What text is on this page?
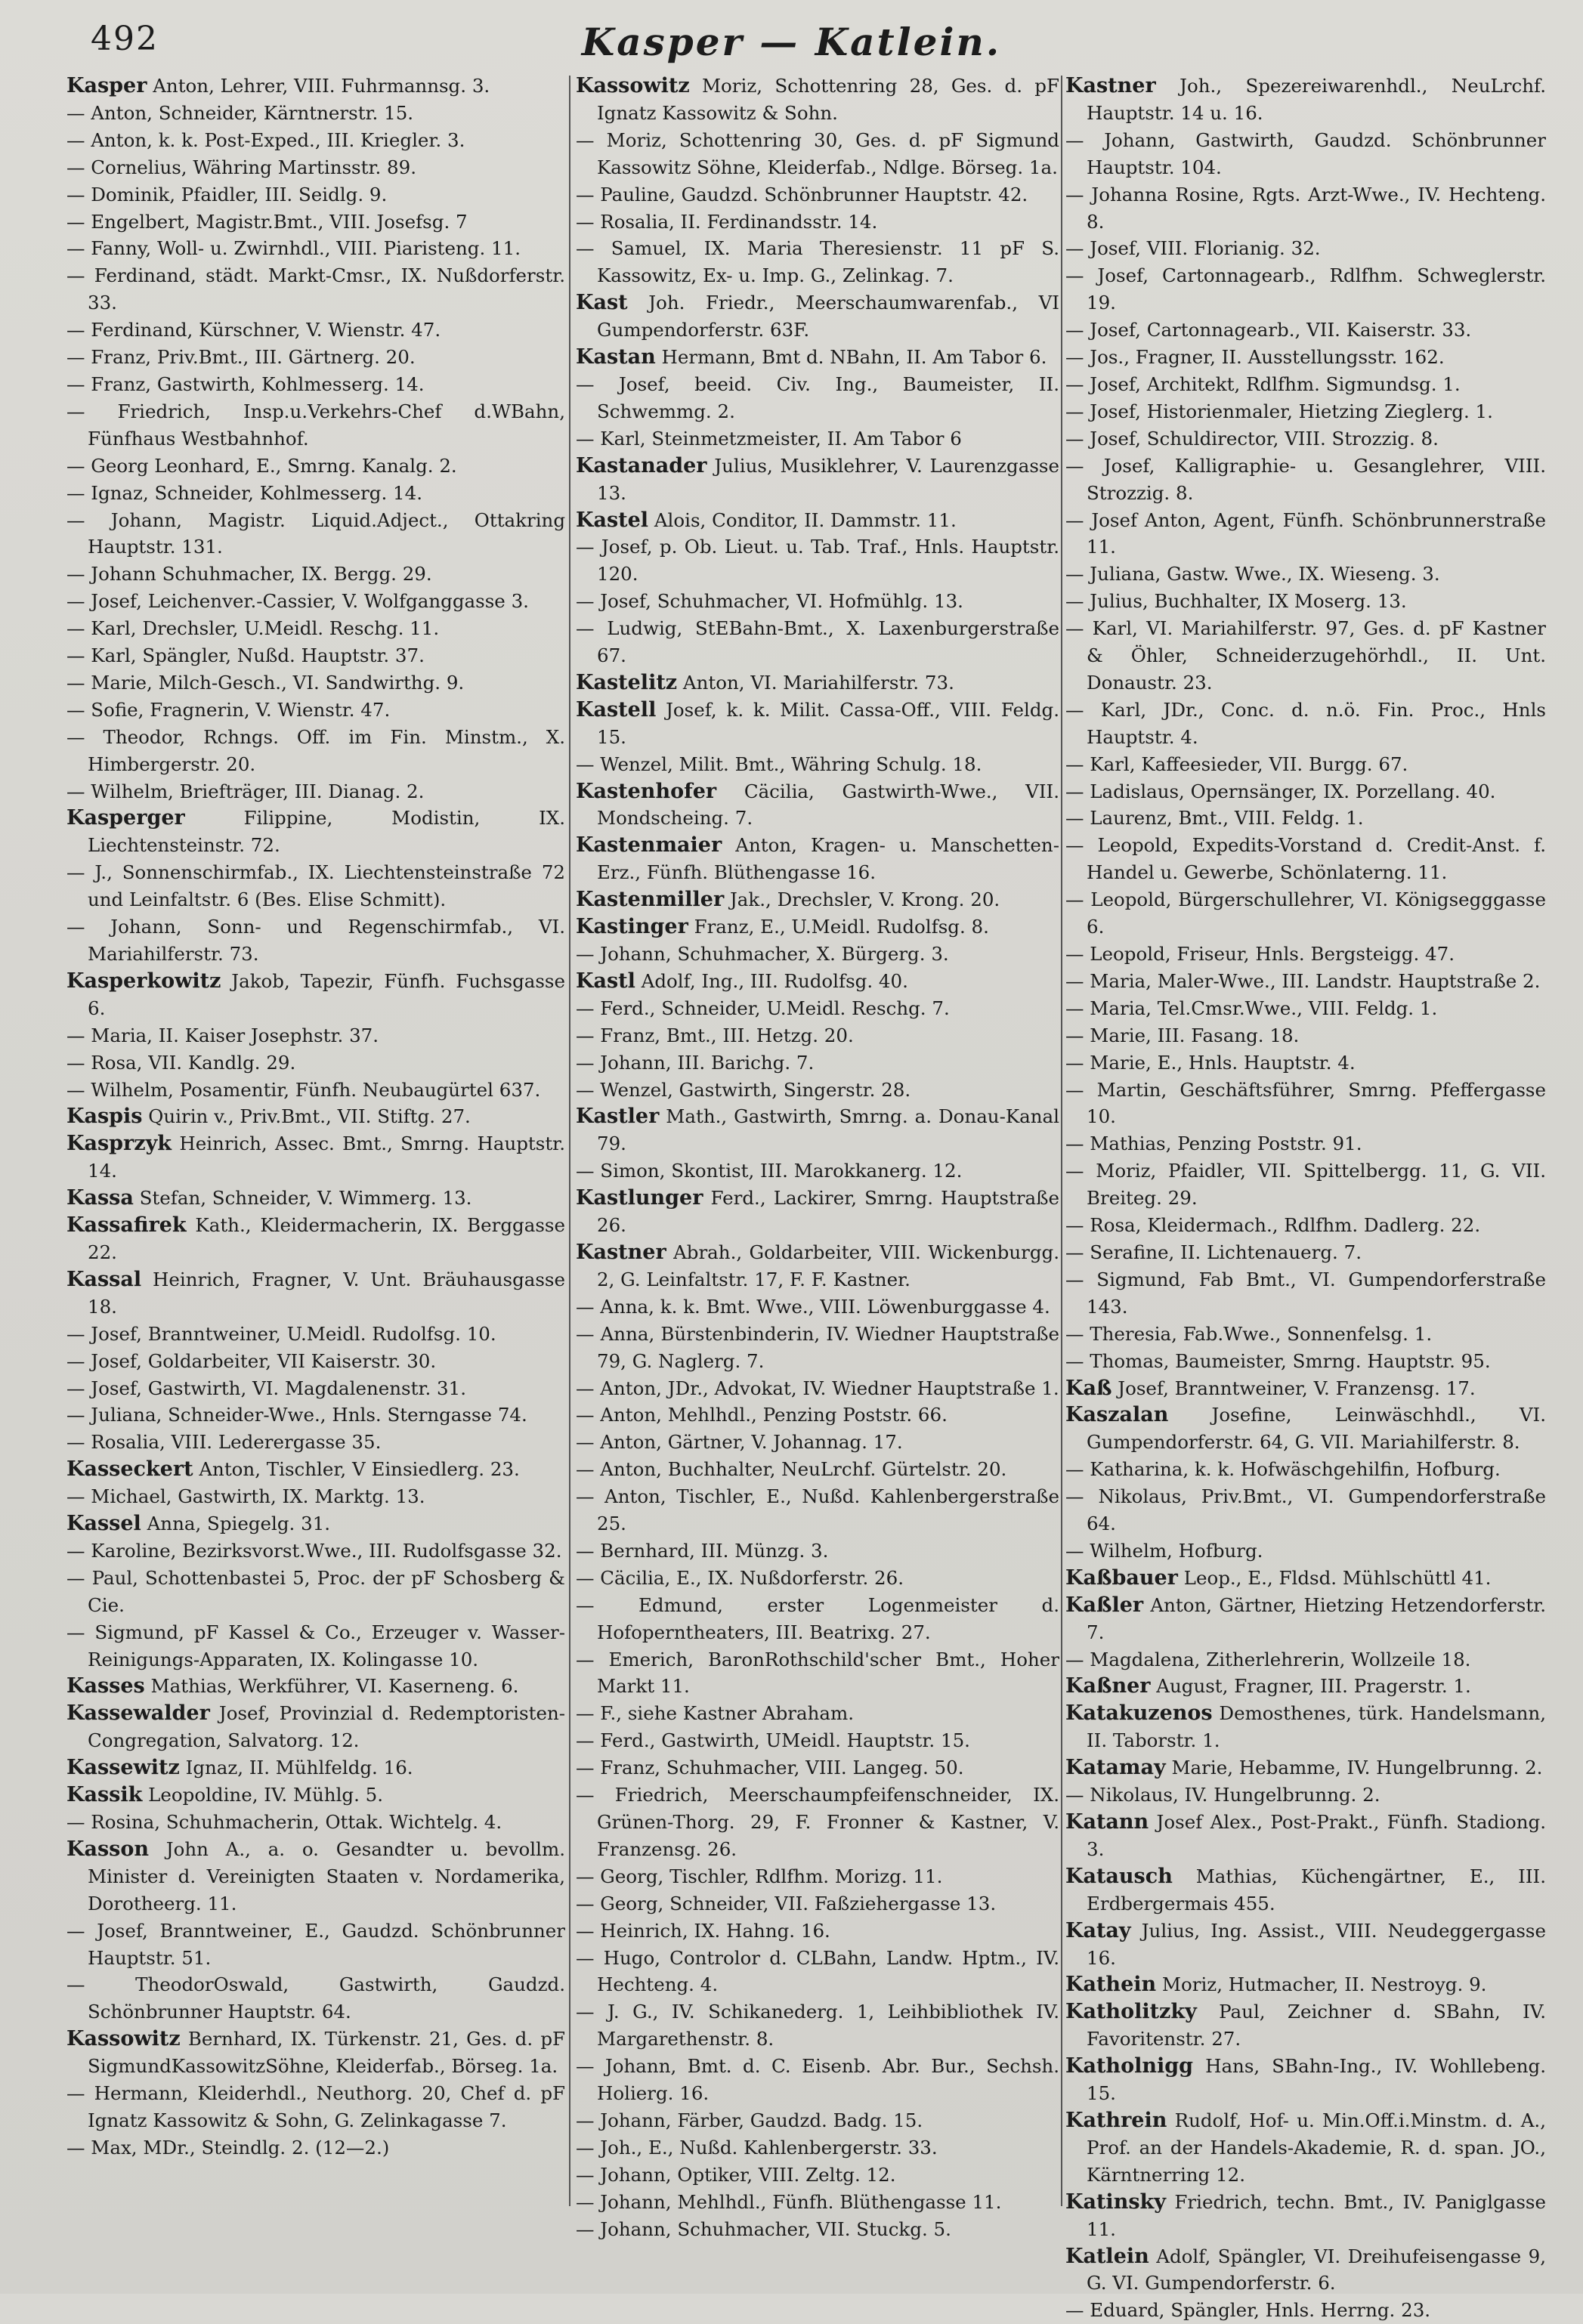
492	Kasper — Katlein.
Kasper Anton, Lehrer, VIII. Fuhrmannsg. 3.
— Anton, Schneider, Kärntnerstr. 15.
— Anton, k. k. Post-Exped., III. Kriegler. 3.
— Cornelius, Währing Martinsstr. 89.
— Dominik, Pfaidler, III. Seidlg. 9.
— Engelbert, Magistr.Bmt., VIII. Josefsg. 7
— Fanny, Woll- u. Zwirnhdl., VIII. Piaristeng. 11.
— Ferdinand, städt. Markt-Cmsr., IX. Nußdorferstr. 33.
— Ferdinand, Kürschner, V. Wienstr. 47.
— Franz, Priv.Bmt., III. Gärtnerg. 20.
— Franz, Gastwirth, Kohlmesserg. 14.
— Friedrich, Insp.u.Verkehrs-Chef d.WBahn, Fünfhaus Westbahnhof.
— Georg Leonhard, E., Smrng. Kanalg. 2.
— Ignaz, Schneider, Kohlmesserg. 14.
— Johann, Magistr. Liquid.Adject., Ottakring Hauptstr. 131.
— Johann Schuhmacher, IX. Bergg. 29.
— Josef, Leichenver.-Cassier, V. Wolfganggasse 3.
— Karl, Drechsler, U.Meidl. Reschg. 11.
— Karl, Spängler, Nußd. Hauptstr. 37.
— Marie, Milch-Gesch., VI. Sandwirthg. 9.
— Sofie, Fragnerin, V. Wienstr. 47.
— Theodor, Rchngs. Off. im Fin. Minstm., X. Himbergerstr. 20.
— Wilhelm, Briefträger, III. Dianag. 2.
Kasperger Filippine, Modistin, IX. Liechtensteinstr. 72.
— J., Sonnenschirmfab., IX. Liechtensteinstraße 72 und Leinfaltstr. 6 (Bes. Elise Schmitt).
— Johann, Sonn- und Regenschirmfab., VI. Mariahilferstr. 73.
Kasperkowitz Jakob, Tapezir, Fünfh. Fuchsgasse 6.
— Maria, II. Kaiser Josephstr. 37.
— Rosa, VII. Kandlg. 29.
— Wilhelm, Posamentir, Fünfh. Neubaugürtel 637.
Kaspis Quirin v., Priv.Bmt., VII. Stiftg. 27.
Kasprzyk Heinrich, Assec. Bmt., Smrng. Hauptstr. 14.
Kassa Stefan, Schneider, V. Wimmerg. 13.
Kassafirek Kath., Kleidermacherin, IX. Berggasse 22.
Kassal Heinrich, Fragner, V. Unt. Bräuhausgasse 18.
— Josef, Branntweiner, U.Meidl. Rudolfsg. 10.
— Josef, Goldarbeiter, VII Kaiserstr. 30.
— Josef, Gastwirth, VI. Magdalenenstr. 31.
— Juliana, Schneider-Wwe., Hnls. Sterngasse 74.
— Rosalia, VIII. Lederergasse 35.
Kasseckert Anton, Tischler, V Einsiedlerg. 23.
— Michael, Gastwirth, IX. Marktg. 13.
Kassel Anna, Spiegelg. 31.
— Karoline, Bezirksvorst.Wwe., III. Rudolfsgasse 32.
— Paul, Schottenbastei 5, Proc. der pF Schosberg & Cie.
— Sigmund, pF Kassel & Co., Erzeuger v. Wasser-Reinigungs-Apparaten, IX. Kolingasse 10.
Kasses Mathias, Werkführer, VI. Kaserneng. 6.
Kassewalder Josef, Provinzial d. Redemptoristen-Congregation, Salvatorg. 12.
Kassewitz Ignaz, II. Mühlfeldg. 16.
Kassik Leopoldine, IV. Mühlg. 5.
— Rosina, Schuhmacherin, Ottak. Wichtelg. 4.
Kasson John A., a. o. Gesandter u. bevollm. Minister d. Vereinigten Staaten v. Nordamerika, Dorotheerg. 11.
— Josef, Branntweiner, E., Gaudzd. Schönbrunner Hauptstr. 51.
— TheodorOswald, Gastwirth, Gaudzd. Schönbrunner Hauptstr. 64.
Kassowitz Bernhard, IX. Türkenstr. 21, Ges. d. pF SigmundKassowitzSöhne, Kleiderfab., Börseg. 1a.
— Hermann, Kleiderhdl., Neuthorg. 20, Chef d. pF Ignatz Kassowitz & Sohn, G. Zelinkagasse 7.
— Max, MDr., Steindlg. 2. (12—2.)
Kassowitz Moriz, Schottenring 28, Ges. d. pF Ignatz Kassowitz & Sohn.
— Moriz, Schottenring 30, Ges. d. pF Sigmund Kassowitz Söhne, Kleiderfab., Ndlge. Börseg. 1a.
— Pauline, Gaudzd. Schönbrunner Hauptstr. 42.
— Rosalia, II. Ferdinandsstr. 14.
— Samuel, IX. Maria Theresienstr. 11 pF S. Kassowitz, Ex- u. Imp. G., Zelinkag. 7.
Kast Joh. Friedr., Meerschaumwarenfab., VI Gumpendorferstr. 63F.
Kastan Hermann, Bmt d. NBahn, II. Am Tabor 6.
— Josef, beeid. Civ. Ing., Baumeister, II. Schwemmg. 2.
— Karl, Steinmetzmeister, II. Am Tabor 6
Kastanader Julius, Musiklehrer, V. Laurenzgasse 13.
Kastel Alois, Conditor, II. Dammstr. 11.
— Josef, p. Ob. Lieut. u. Tab. Traf., Hnls. Hauptstr. 120.
— Josef, Schuhmacher, VI. Hofmühlg. 13.
— Ludwig, StEBahn-Bmt., X. Laxenburgerstraße 67.
Kastelitz Anton, VI. Mariahilferstr. 73.
Kastell Josef, k. k. Milit. Cassa-Off., VIII. Feldg. 15.
— Wenzel, Milit. Bmt., Währing Schulg. 18.
Kastenhofer Cäcilia, Gastwirth-Wwe., VII. Mondscheing. 7.
Kastenmaier Anton, Kragen- u. Manschetten-Erz., Fünfh. Blüthengasse 16.
Kastenmiller Jak., Drechsler, V. Krong. 20.
Kastinger Franz, E., U.Meidl. Rudolfsg. 8.
— Johann, Schuhmacher, X. Bürgerg. 3.
Kastl Adolf, Ing., III. Rudolfsg. 40.
— Ferd., Schneider, U.Meidl. Reschg. 7.
— Franz, Bmt., III. Hetzg. 20.
— Johann, III. Barichg. 7.
— Wenzel, Gastwirth, Singerstr. 28.
Kastler Math., Gastwirth, Smrng. a. Donau-Kanal 79.
— Simon, Skontist, III. Marokkanerg. 12.
Kastlunger Ferd., Lackirer, Smrng. Hauptstraße 26.
Kastner Abrah., Goldarbeiter, VIII. Wickenburgg. 2, G. Leinfaltstr. 17, F. F. Kastner.
— Anna, k. k. Bmt. Wwe., VIII. Löwenburggasse 4.
— Anna, Bürstenbinderin, IV. Wiedner Hauptstraße 79, G. Naglerg. 7.
— Anton, JDr., Advokat, IV. Wiedner Hauptstraße 1.
— Anton, Mehlhdl., Penzing Poststr. 66.
— Anton, Gärtner, V. Johannag. 17.
— Anton, Buchhalter, NeuLrchf. Gürtelstr. 20.
— Anton, Tischler, E., Nußd. Kahlenbergerstraße 25.
— Bernhard, III. Münzg. 3.
— Cäcilia, E., IX. Nußdorferstr. 26.
— Edmund, erster Logenmeister d. Hofoperntheaters, III. Beatrixg. 27.
— Emerich, BaronRothschild'scher Bmt., Hoher Markt 11.
— F., siehe Kastner Abraham.
— Ferd., Gastwirth, UMeidl. Hauptstr. 15.
— Franz, Schuhmacher, VIII. Langeg. 50.
— Friedrich, Meerschaumpfeifenschneider, IX. Grünen-Thorg. 29, F. Fronner & Kastner, V. Franzensg. 26.
— Georg, Tischler, Rdlfhm. Morizg. 11.
— Georg, Schneider, VII. Faßziehergasse 13.
— Heinrich, IX. Hahng. 16.
— Hugo, Controlor d. CLBahn, Landw. Hptm., IV. Hechteng. 4.
— J. G., IV. Schikanederg. 1, Leihbibliothek IV. Margarethenstr. 8.
— Johann, Bmt. d. C. Eisenb. Abr. Bur., Sechsh. Holierg. 16.
— Johann, Färber, Gaudzd. Badg. 15.
— Joh., E., Nußd. Kahlenbergerstr. 33.
— Johann, Optiker, VIII. Zeltg. 12.
— Johann, Mehlhdl., Fünfh. Blüthengasse 11.
— Johann, Schuhmacher, VII. Stuckg. 5.
Kastner Joh., Spezereiwarenhdl., NeuLrchf. Hauptstr. 14 u. 16.
— Johann, Gastwirth, Gaudzd. Schönbrunner Hauptstr. 104.
— Johanna Rosine, Rgts. Arzt-Wwe., IV. Hechteng. 8.
— Josef, VIII. Florianig. 32.
— Josef, Cartonnagearb., Rdlfhm. Schweglerstr. 19.
— Josef, Cartonnagearb., VII. Kaiserstr. 33.
— Jos., Fragner, II. Ausstellungsstr. 162.
— Josef, Architekt, Rdlfhm. Sigmundsg. 1.
— Josef, Historienmaler, Hietzing Zieglerg. 1.
— Josef, Schuldirector, VIII. Strozzig. 8.
— Josef, Kalligraphie- u. Gesanglehrer, VIII. Strozzig. 8.
— Josef Anton, Agent, Fünfh. Schönbrunnerstraße 11.
— Juliana, Gastw. Wwe., IX. Wieseng. 3.
— Julius, Buchhalter, IX Moserg. 13.
— Karl, VI. Mariahilferstr. 97, Ges. d. pF Kastner & Öhler, Schneiderzugehörhdl., II. Unt. Donaustr. 23.
— Karl, JDr., Conc. d. n.ö. Fin. Proc., Hnls Hauptstr. 4.
— Karl, Kaffeesieder, VII. Burgg. 67.
— Ladislaus, Opernsänger, IX. Porzellang. 40.
— Laurenz, Bmt., VIII. Feldg. 1.
— Leopold, Expedits-Vorstand d. Credit-Anst. f. Handel u. Gewerbe, Schönlaterng. 11.
— Leopold, Bürgerschullehrer, VI. Königsegggasse 6.
— Leopold, Friseur, Hnls. Bergsteigg. 47.
— Maria, Maler-Wwe., III. Landstr. Hauptstraße 2.
— Maria, Tel.Cmsr.Wwe., VIII. Feldg. 1.
— Marie, III. Fasang. 18.
— Marie, E., Hnls. Hauptstr. 4.
— Martin, Geschäftsführer, Smrng. Pfeffergasse 10.
— Mathias, Penzing Poststr. 91.
— Moriz, Pfaidler, VII. Spittelbergg. 11, G. VII. Breiteg. 29.
— Rosa, Kleidermach., Rdlfhm. Dadlerg. 22.
— Serafine, II. Lichtenauerg. 7.
— Sigmund, Fab Bmt., VI. Gumpendorferstraße 143.
— Theresia, Fab.Wwe., Sonnenfelsg. 1.
— Thomas, Baumeister, Smrng. Hauptstr. 95.
Kaß Josef, Branntweiner, V. Franzensg. 17.
Kaszalan Josefine, Leinwäschhdl., VI. Gumpendorferstr. 64, G. VII. Mariahilferstr. 8.
— Katharina, k. k. Hofwäschgehilfin, Hofburg.
— Nikolaus, Priv.Bmt., VI. Gumpendorferstraße 64.
— Wilhelm, Hofburg.
Kaßbauer Leop., E., Fldsd. Mühlschüttl 41.
Kaßler Anton, Gärtner, Hietzing Hetzendorferstr. 7.
— Magdalena, Zitherlehrerin, Wollzeile 18.
Kaßner August, Fragner, III. Pragerstr. 1.
Katakuzenos Demosthenes, türk. Handelsmann, II. Taborstr. 1.
Katamay Marie, Hebamme, IV. Hungelbrunng. 2.
— Nikolaus, IV. Hungelbrunng. 2.
Katann Josef Alex., Post-Prakt., Fünfh. Stadiong. 3.
Katausch Mathias, Küchengärtner, E., III. Erdbergermais 455.
Katay Julius, Ing. Assist., VIII. Neudeggergasse 16.
Kathein Moriz, Hutmacher, II. Nestroyg. 9.
Katholitzky Paul, Zeichner d. SBahn, IV. Favoritenstr. 27.
Katholnigg Hans, SBahn-Ing., IV. Wohllebeng. 15.
Kathrein Rudolf, Hof- u. Min.Off.i.Minstm. d. A., Prof. an der Handels-Akademie, R. d. span. JO., Kärntnerring 12.
Katinsky Friedrich, techn. Bmt., IV. Paniglgasse 11.
Katlein Adolf, Spängler, VI. Dreihufeisengasse 9, G. VI. Gumpendorferstr. 6.
— Eduard, Spängler, Hnls. Herrng. 23.
